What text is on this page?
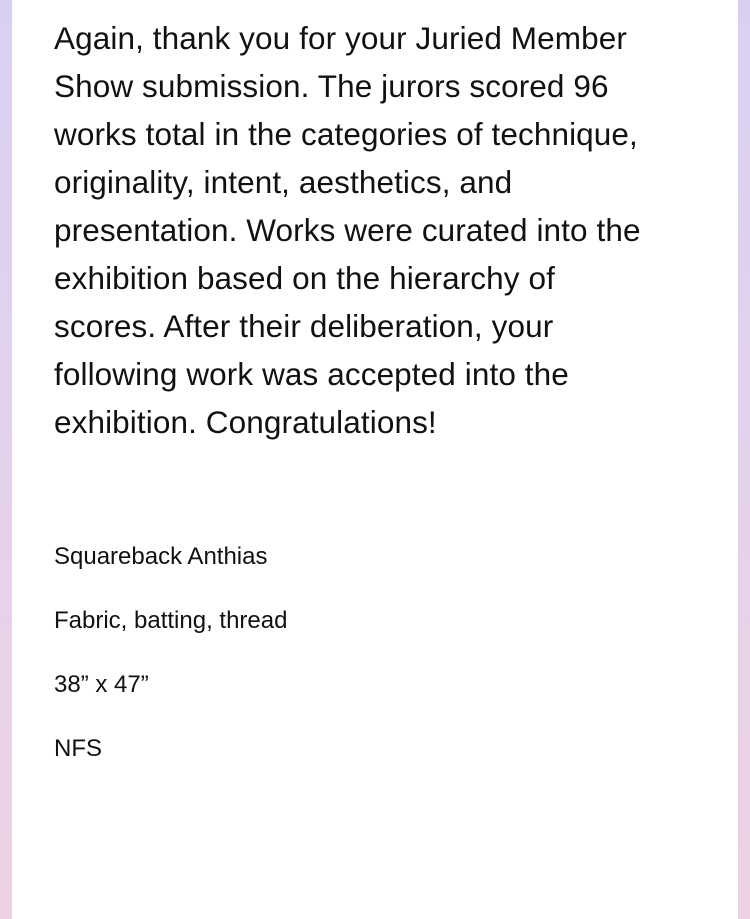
Again, thank you for your Juried Member
Show submission. The jurors scored 96
works total in the categories of technique,
originality, intent, aesthetics, and
presentation. Works were curated into the
exhibition based on the hierarchy of
scores. After their deliberation, your
following work was accepted into the
exhibition. Congratulations!

Squareback Anthias

Fabric, batting, thread

38” x 47”

NFS
